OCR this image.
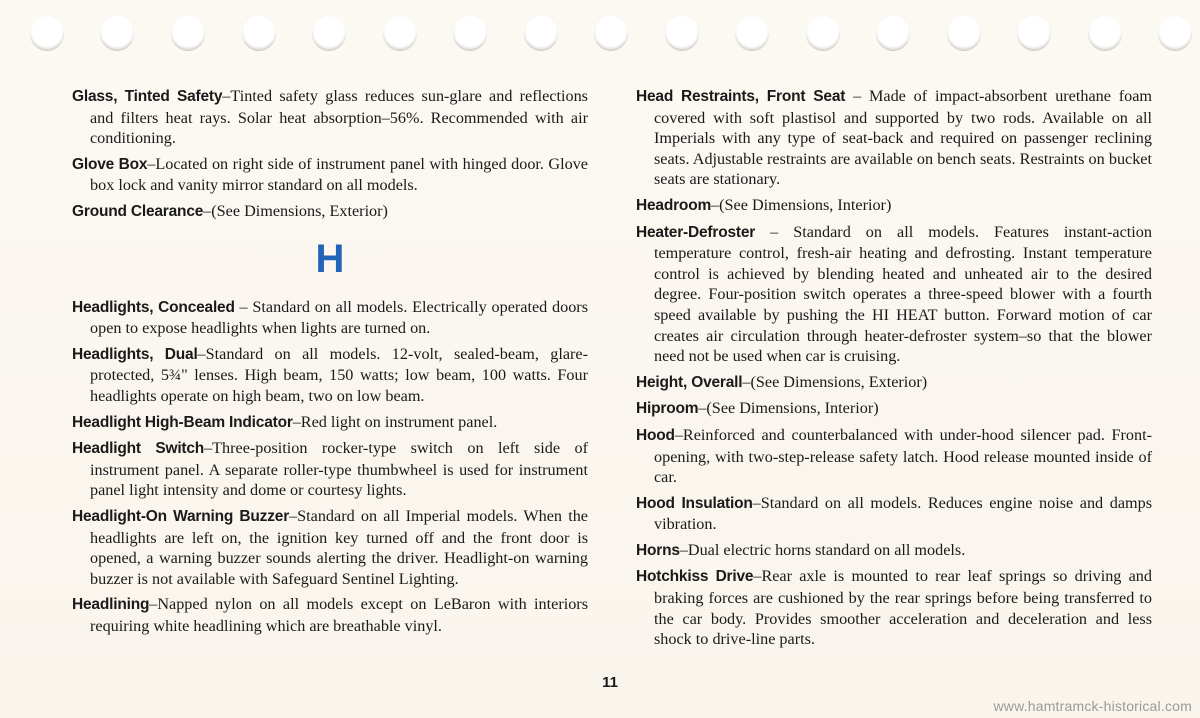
Glass, Tinted Safety–Tinted safety glass reduces sun-glare and reflections and filters heat rays. Solar heat absorption–56%. Recommended with air conditioning.

Glove Box–Located on right side of instrument panel with hinged door. Glove box lock and vanity mirror standard on all models.

Ground Clearance–(See Dimensions, Exterior)

H

Headlights, Concealed – Standard on all models. Electrically operated doors open to expose headlights when lights are turned on.

Headlights, Dual–Standard on all models. 12-volt, sealed-beam, glare-protected, 5¾" lenses. High beam, 150 watts; low beam, 100 watts. Four headlights operate on high beam, two on low beam.

Headlight High-Beam Indicator–Red light on instrument panel.

Headlight Switch–Three-position rocker-type switch on left side of instrument panel. A separate roller-type thumbwheel is used for instrument panel light intensity and dome or courtesy lights.

Headlight-On Warning Buzzer–Standard on all Imperial models. When the headlights are left on, the ignition key turned off and the front door is opened, a warning buzzer sounds alerting the driver. Headlight-on warning buzzer is not available with Safeguard Sentinel Lighting.

Headlining–Napped nylon on all models except on LeBaron with interiors requiring white headlining which are breathable vinyl.

Head Restraints, Front Seat – Made of impact-absorbent urethane foam covered with soft plastisol and supported by two rods. Available on all Imperials with any type of seat-back and required on passenger reclining seats. Adjustable restraints are available on bench seats. Restraints on bucket seats are stationary.

Headroom–(See Dimensions, Interior)

Heater-Defroster – Standard on all models. Features instant-action temperature control, fresh-air heating and defrosting. Instant temperature control is achieved by blending heated and unheated air to the desired degree. Four-position switch operates a three-speed blower with a fourth speed available by pushing the HI HEAT button. Forward motion of car creates air circulation through heater-defroster system–so that the blower need not be used when car is cruising.

Height, Overall–(See Dimensions, Exterior)

Hiproom–(See Dimensions, Interior)

Hood–Reinforced and counterbalanced with under-hood silencer pad. Front-opening, with two-step-release safety latch. Hood release mounted inside of car.

Hood Insulation–Standard on all models. Reduces engine noise and damps vibration.

Horns–Dual electric horns standard on all models.

Hotchkiss Drive–Rear axle is mounted to rear leaf springs so driving and braking forces are cushioned by the rear springs before being transferred to the car body. Provides smoother acceleration and deceleration and less shock to drive-line parts.

11
www.hamtramck-historical.com
